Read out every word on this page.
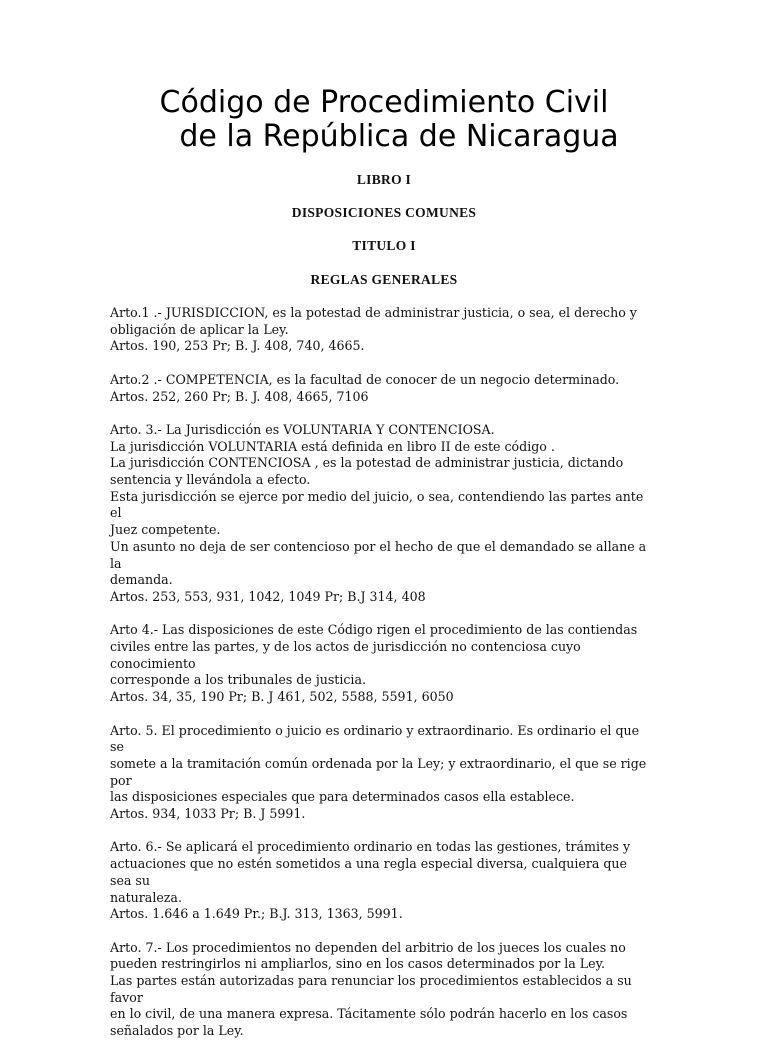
Código de Procedimiento Civil
de la República de Nicaragua
LIBRO I
DISPOSICIONES COMUNES
TITULO I
REGLAS GENERALES

Arto.1 .- JURISDICCION, es la potestad de administrar justicia, o sea, el derecho y

obligación de aplicar la Ley.

Artos. 190, 253 Pr; B. J. 408, 740, 4665.

Arto.2 .- COMPETENCIA, es la facultad de conocer de un negocio determinado.

Artos. 252, 260 Pr; B. J. 408, 4665, 7106

Arto. 3.- La Jurisdicción es VOLUNTARIA Y CONTENCIOSA.

La jurisdicción VOLUNTARIA está definida en libro II de este código .

La jurisdicción CONTENCIOSA , es la potestad de administrar justicia, dictando

sentencia y llevándola a efecto.

Esta jurisdicción se ejerce por medio del juicio, o sea, contendiendo las partes ante el

Juez competente.

Un asunto no deja de ser contencioso por el hecho de que el demandado se allane a la

demanda.

Artos. 253, 553, 931, 1042, 1049 Pr; B.J 314, 408

Arto 4.- Las disposiciones de este Código rigen el procedimiento de las contiendas

civiles entre las partes, y de los actos de jurisdicción no contenciosa cuyo conocimiento

corresponde a los tribunales de justicia.

Artos. 34, 35, 190 Pr; B. J 461, 502, 5588, 5591, 6050

Arto. 5. El procedimiento o juicio es ordinario y extraordinario. Es ordinario el que se

somete a la tramitación común ordenada por la Ley; y extraordinario, el que se rige por

las disposiciones especiales que para determinados casos ella establece.

Artos. 934, 1033 Pr; B. J 5991.

Arto. 6.- Se aplicará el procedimiento ordinario en todas las gestiones, trámites y

actuaciones que no estén sometidos a una regla especial diversa, cualquiera que sea su

naturaleza.

Artos. 1.646 a 1.649 Pr.; B.J. 313, 1363, 5991.

Arto. 7.- Los procedimientos no dependen del arbitrio de los jueces los cuales no

pueden restringirlos ni ampliarlos, sino en los casos determinados por la Ley.

Las partes están autorizadas para renunciar los procedimientos establecidos a su favor

en lo civil, de una manera expresa. Tácitamente sólo podrán hacerlo en los casos

señalados por la Ley.
